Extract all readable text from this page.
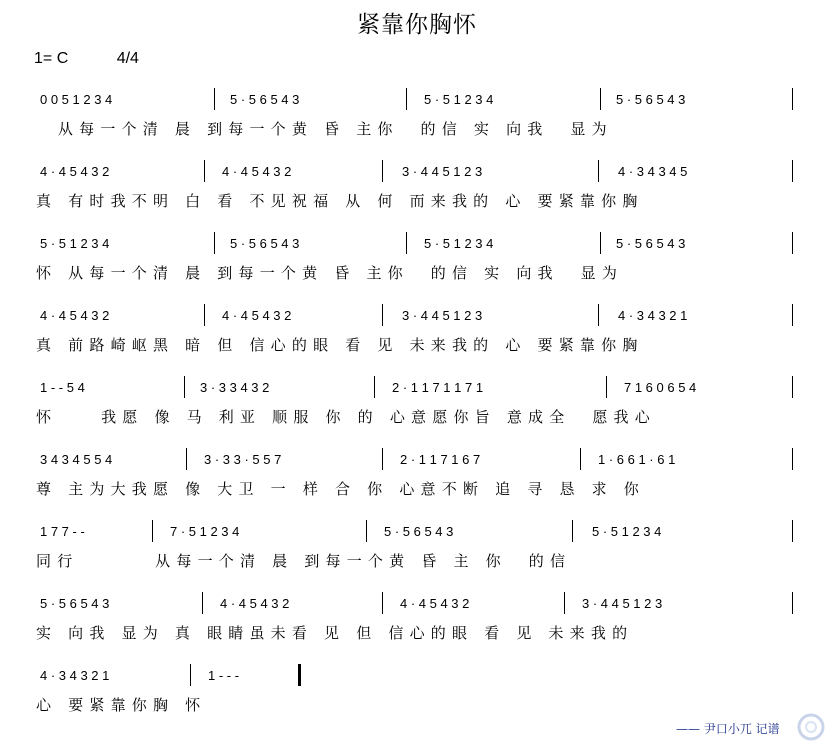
紧靠你胸怀
1= C	4/4
0 0 5 1 2 3 4	5 · 5 6 5 4 3	5 · 5 1 2 3 4	5 · 5 6 5 4 3
从每一个清 晨 到每一个黄 昏 主你  的信 实 向我  显为
4 · 4 5 4 3 2	4 · 4 5 4 3 2	3 · 4 4 5 1 2 3	4 · 3 4 3 4 5
真 有时我不明 白 看 不见祝福 从 何 而来我的 心 要紧靠你胸
5 · 5 1 2 3 4	5 · 5 6 5 4 3	5 · 5 1 2 3 4	5 · 5 6 5 4 3
怀 从每一个清 晨 到每一个黄 昏 主你  的信 实 向我  显为
4 · 4 5 4 3 2	4 · 4 5 4 3 2	3 · 4 4 5 1 2 3	4 · 3 4 3 2 1
真 前路崎岖黑 暗 但 信心的眼 看 见 未来我的 心 要紧靠你胸
1 - - 5 4	3 · 3 3 4 3 2	2 · 1 1 7 1 1 7 1	7 1 6 0 6 5 4
怀    我愿 像 马 利亚 顺服 你 的 心意愿你旨 意成全  愿我心
3 4 3 4 5 5 4	3 · 3 3 · 5 5 7	2 · 1 1 7 1 6 7	1 · 6 6 1 · 6 1
尊 主为大我愿 像 大卫 一 样 合 你 心意不断 追 寻 恳 求 你
1 7 7 - -	7 · 5 1 2 3 4	5 · 5 6 5 4 3	5 · 5 1 2 3 4
同行       从每一个清 晨 到每一个黄 昏 主 你  的信
5 · 5 6 5 4 3	4 · 4 5 4 3 2	4 · 4 5 4 3 2	3 · 4 4 5 1 2 3
实 向我 显为 真 眼睛虽未看 见 但 信心的眼 看 见 未来我的
4 · 3 4 3 2 1	1 - - -
心 要紧靠你胸 怀
—— 尹口小兀 记谱
